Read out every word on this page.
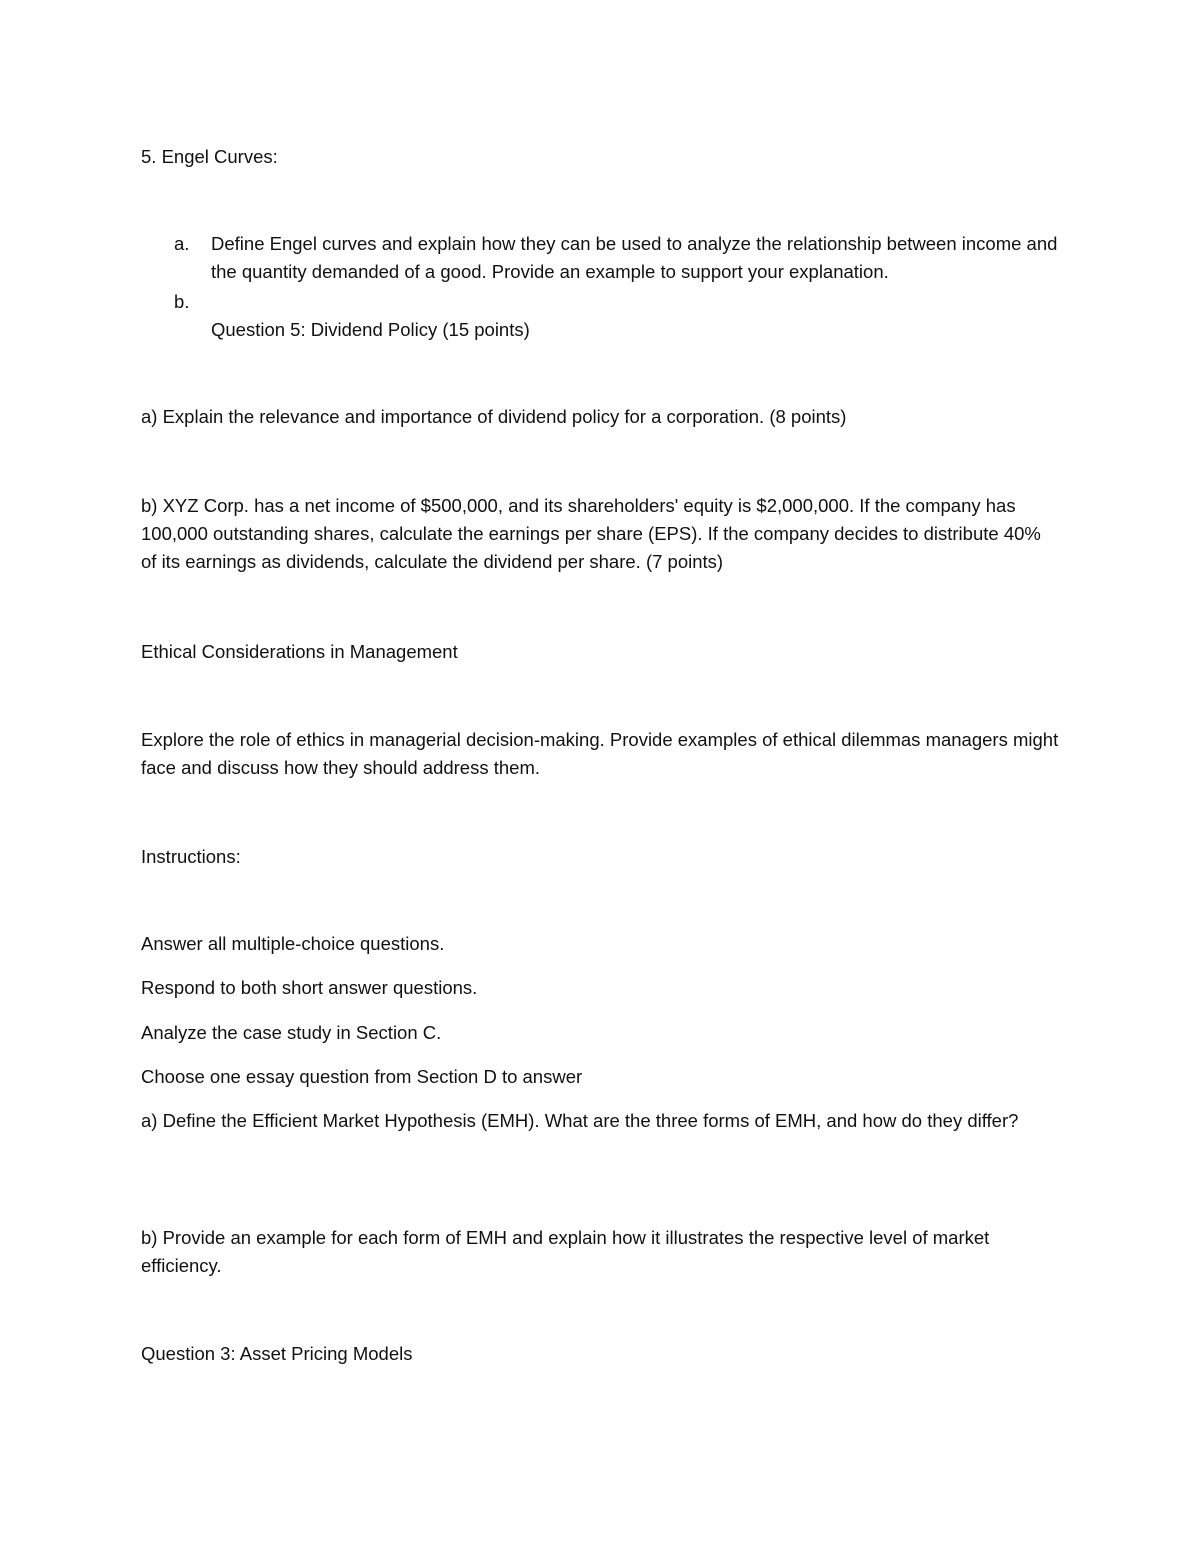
5. Engel Curves:

a. Define Engel curves and explain how they can be used to analyze the relationship between income and the quantity demanded of a good. Provide an example to support your explanation.

b.

Question 5: Dividend Policy (15 points)

a) Explain the relevance and importance of dividend policy for a corporation. (8 points)

b) XYZ Corp. has a net income of $500,000, and its shareholders' equity is $2,000,000. If the company has 100,000 outstanding shares, calculate the earnings per share (EPS). If the company decides to distribute 40% of its earnings as dividends, calculate the dividend per share. (7 points)

Ethical Considerations in Management

Explore the role of ethics in managerial decision-making. Provide examples of ethical dilemmas managers might face and discuss how they should address them.

Instructions:

Answer all multiple-choice questions.

Respond to both short answer questions.

Analyze the case study in Section C.

Choose one essay question from Section D to answer

a) Define the Efficient Market Hypothesis (EMH). What are the three forms of EMH, and how do they differ?

b) Provide an example for each form of EMH and explain how it illustrates the respective level of market efficiency.

Question 3: Asset Pricing Models
